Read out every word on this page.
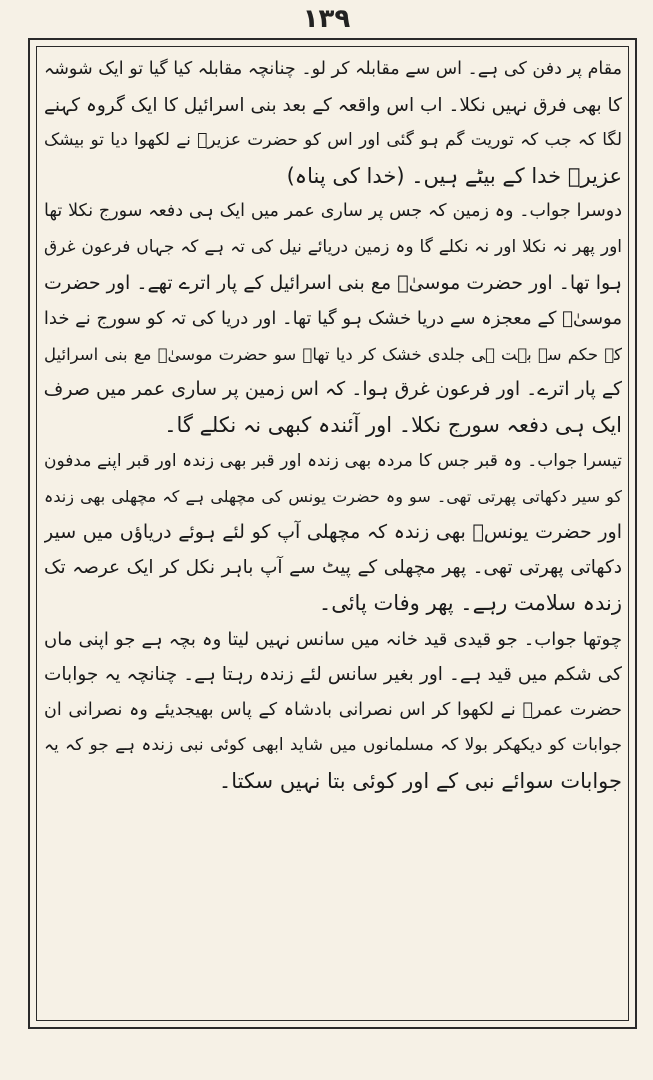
۱۳۹
مقام پر دفن کی ہے۔ اس سے مقابلہ کر لو۔ چنانچہ مقابلہ کیا گیا تو ایک شوشہ
کا بھی فرق نہیں نکلا۔ اب اس واقعہ کے بعد بنی اسرائیل کا ایک گروہ کہنے
لگا کہ جب کہ توریت گم ہو گئی اور اس کو حضرت عزیرؑ نے لکھوا دیا تو بیشک
عزیرؑ خدا کے بیٹے ہیں۔ (خدا کی پناہ)
دوسرا جواب۔ وہ زمین کہ جس پر ساری عمر میں ایک ہی دفعہ سورج نکلا تھا
اور پھر نہ نکلا اور نہ نکلے گا وہ زمین دریائے نیل کی تہ ہے کہ جہاں فرعون غرق
ہوا تھا۔ اور حضرت موسیٰؑ مع بنی اسرائیل کے پار اترے تھے۔ اور حضرت
موسیٰؑ کے معجزہ سے دریا خشک ہو گیا تھا۔ اور دریا کی تہ کو سورج نے خدا
کے حکم سے بہت ہی جلدی خشک کر دیا تھا۔ سو حضرت موسیٰؑ مع بنی اسرائیل
کے پار اترے۔ اور فرعون غرق ہوا۔ کہ اس زمین پر ساری عمر میں صرف
ایک ہی دفعہ سورج نکلا۔ اور آئندہ کبھی نہ نکلے گا۔
تیسرا جواب۔ وہ قبر جس کا مردہ بھی زندہ اور قبر بھی زندہ اور قبر اپنے مدفون
کو سیر دکھاتی پھرتی تھی۔ سو وہ حضرت یونس کی مچھلی ہے کہ مچھلی بھی زندہ
اور حضرت یونسؑ بھی زندہ کہ مچھلی آپ کو لئے ہوئے دریاؤں میں سیر
دکھاتی پھرتی تھی۔ پھر مچھلی کے پیٹ سے آپ باہر نکل کر ایک عرصہ تک
زندہ سلامت رہے۔ پھر وفات پائی۔
چوتھا جواب۔ جو قیدی قید خانہ میں سانس نہیں لیتا وہ بچہ ہے جو اپنی ماں
کی شکم میں قید ہے۔ اور بغیر سانس لئے زندہ رہتا ہے۔ چنانچہ یہ جوابات
حضرت عمرؓ نے لکھوا کر اس نصرانی بادشاہ کے پاس بھیجدیئے وہ نصرانی ان
جوابات کو دیکھکر بولا کہ مسلمانوں میں شاید ابھی کوئی نبی زندہ ہے جو کہ یہ
جوابات سوائے نبی کے اور کوئی بتا نہیں سکتا۔
